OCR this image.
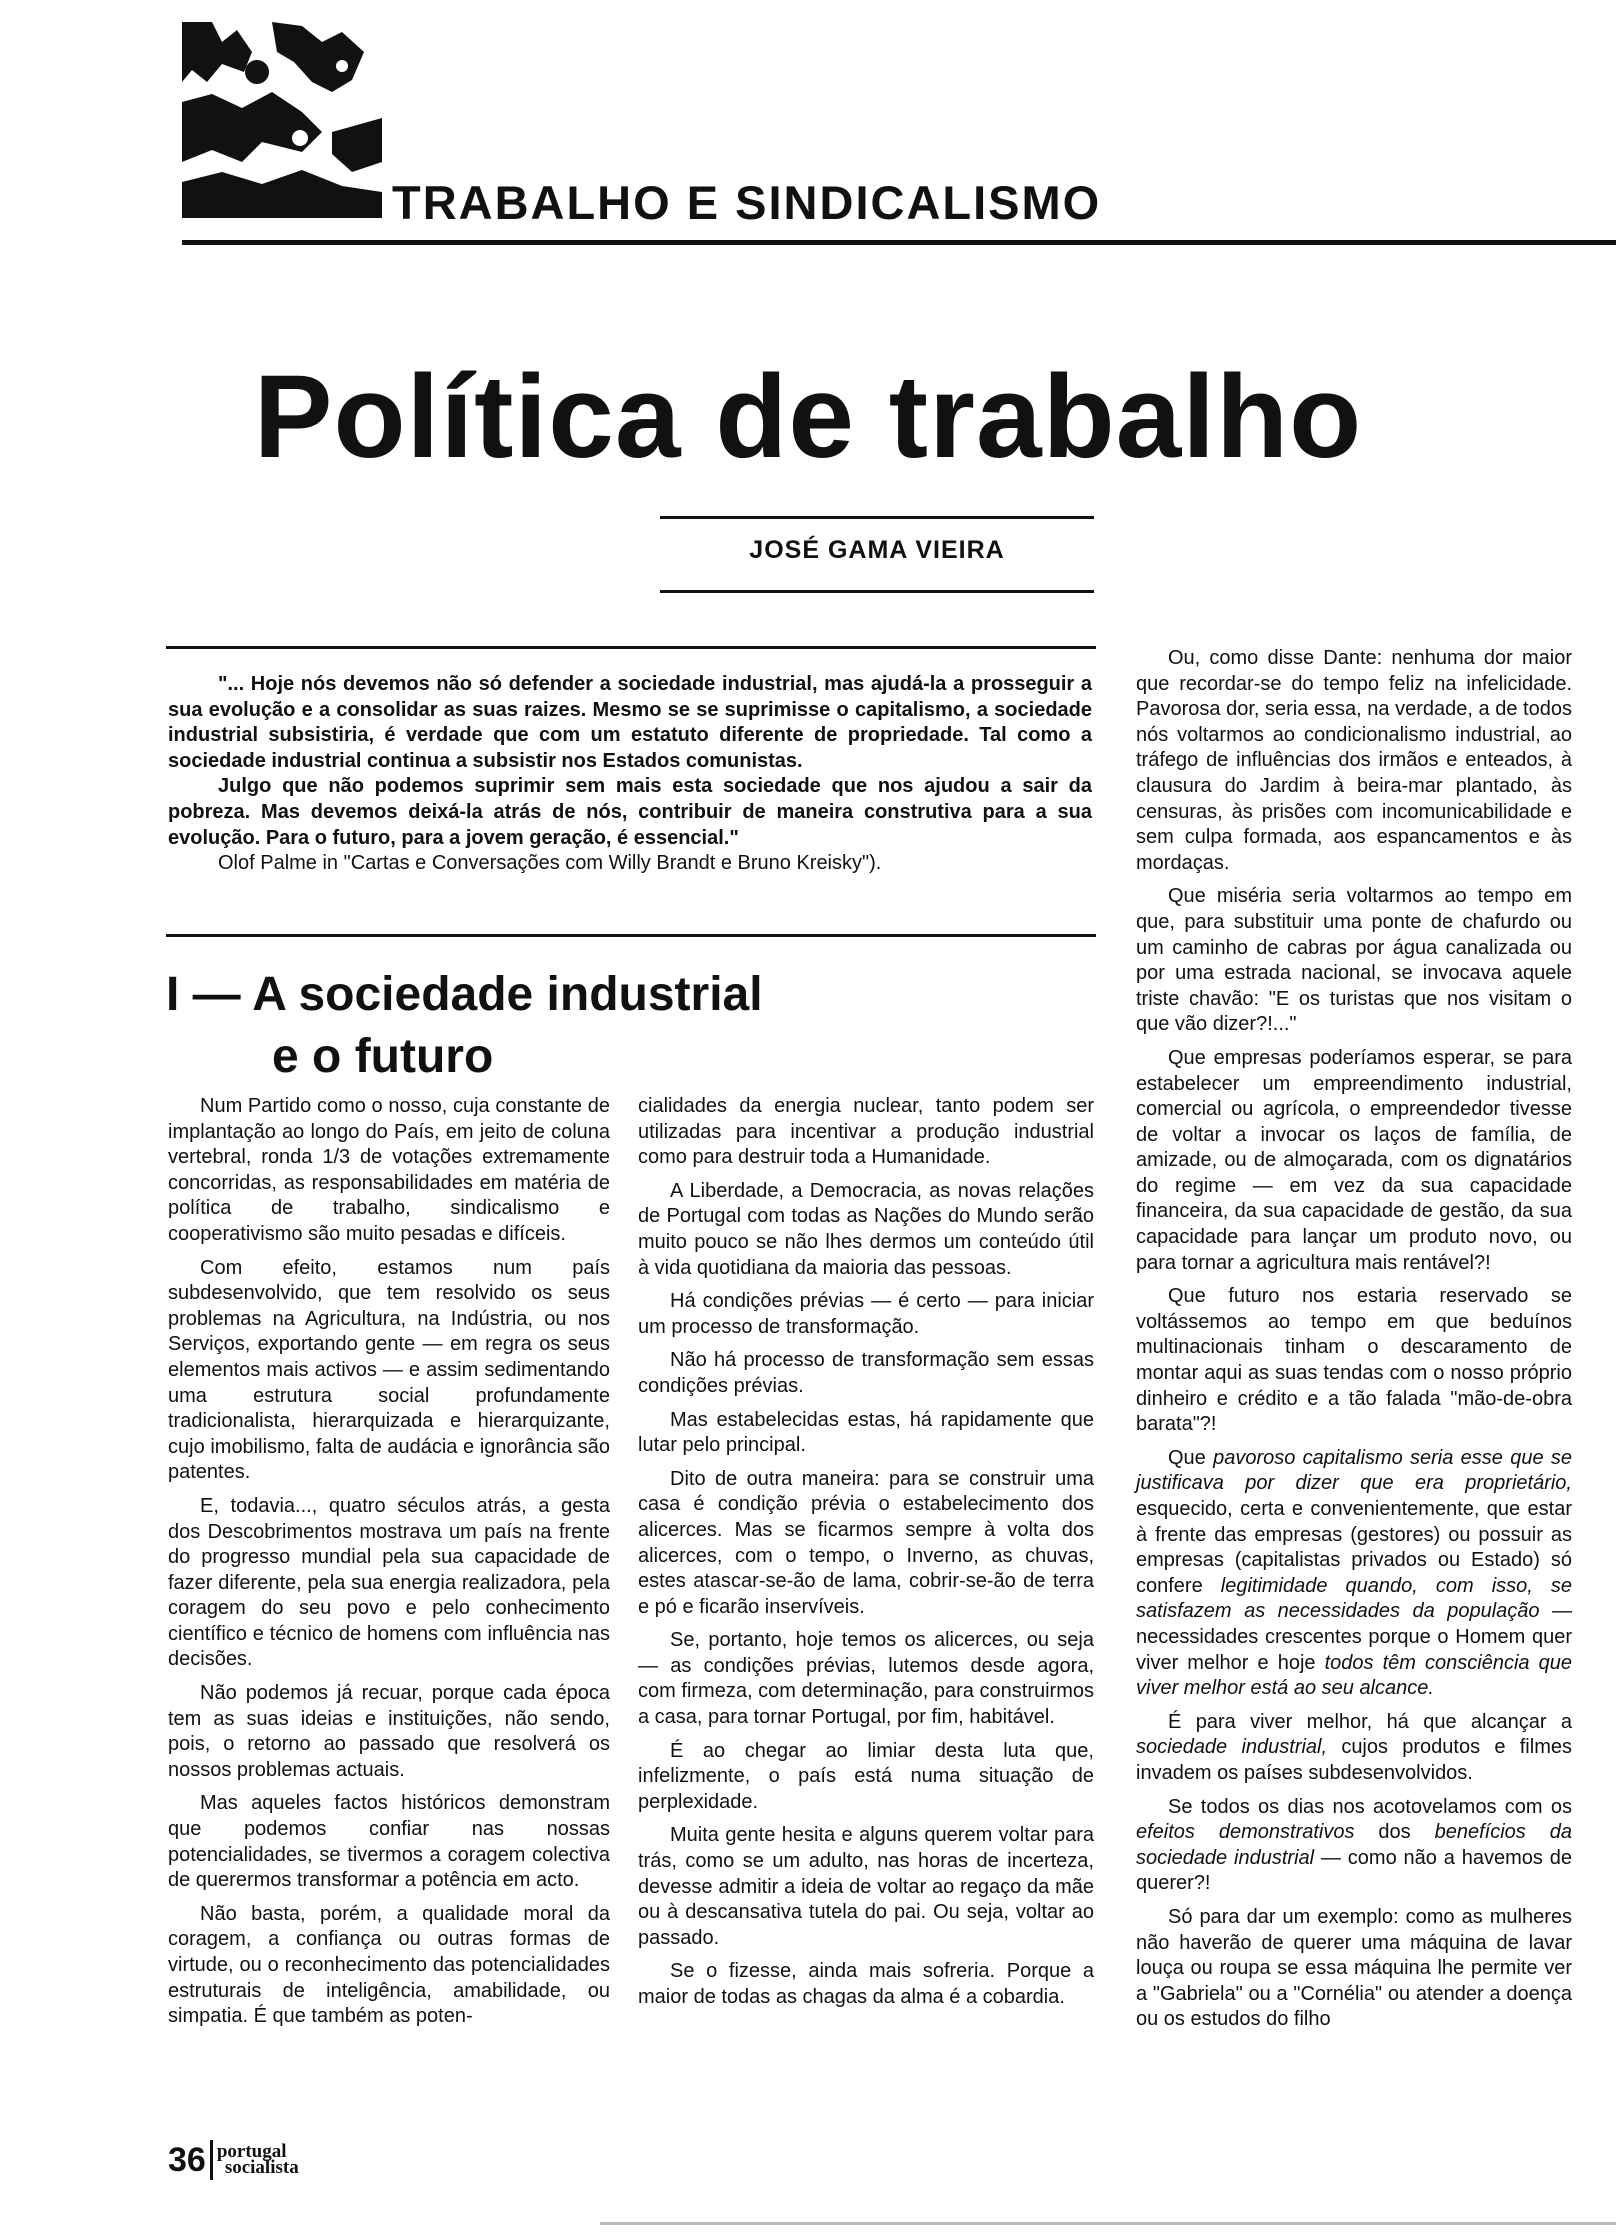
TRABALHO E SINDICALISMO
Política de trabalho
JOSÉ GAMA VIEIRA

"... Hoje nós devemos não só defender a sociedade industrial, mas ajudá-la a prosseguir a sua evolução e a consolidar as suas raizes. Mesmo se se suprimisse o capitalismo, a sociedade industrial subsistiria, é verdade que com um estatuto diferente de propriedade. Tal como a sociedade industrial continua a subsistir nos Estados comunistas.

Julgo que não podemos suprimir sem mais esta sociedade que nos ajudou a sair da pobreza. Mas devemos deixá-la atrás de nós, contribuir de maneira construtiva para a sua evolução. Para o futuro, para a jovem geração, é essencial."

Olof Palme in "Cartas e Conversações com Willy Brandt e Bruno Kreisky").

I — A sociedade industrial
e o futuro

Num Partido como o nosso, cuja constante de implantação ao longo do País, em jeito de coluna vertebral, ronda 1/3 de votações extremamente concorridas, as responsabilidades em matéria de política de trabalho, sindicalismo e cooperativismo são muito pesadas e difíceis.

Com efeito, estamos num país subdesenvolvido, que tem resolvido os seus problemas na Agricultura, na Indústria, ou nos Serviços, exportando gente — em regra os seus elementos mais activos — e assim sedimentando uma estrutura social profundamente tradicionalista, hierarquizada e hierarquizante, cujo imobilismo, falta de audácia e ignorância são patentes.

E, todavia..., quatro séculos atrás, a gesta dos Descobrimentos mostrava um país na frente do progresso mundial pela sua capacidade de fazer diferente, pela sua energia realizadora, pela coragem do seu povo e pelo conhecimento científico e técnico de homens com influência nas decisões.

Não podemos já recuar, porque cada época tem as suas ideias e instituições, não sendo, pois, o retorno ao passado que resolverá os nossos problemas actuais.

Mas aqueles factos históricos demonstram que podemos confiar nas nossas potencialidades, se tivermos a coragem colectiva de querermos transformar a potência em acto.

Não basta, porém, a qualidade moral da coragem, a confiança ou outras formas de virtude, ou o reconhecimento das potencialidades estruturais de inteligência, amabilidade, ou simpatia. É que também as poten-

cialidades da energia nuclear, tanto podem ser utilizadas para incentivar a produção industrial como para destruir toda a Humanidade.

A Liberdade, a Democracia, as novas relações de Portugal com todas as Nações do Mundo serão muito pouco se não lhes dermos um conteúdo útil à vida quotidiana da maioria das pessoas.

Há condições prévias — é certo — para iniciar um processo de transformação.

Não há processo de transformação sem essas condições prévias.

Mas estabelecidas estas, há rapidamente que lutar pelo principal.

Dito de outra maneira: para se construir uma casa é condição prévia o estabelecimento dos alicerces. Mas se ficarmos sempre à volta dos alicerces, com o tempo, o Inverno, as chuvas, estes atascar-se-ão de lama, cobrir-se-ão de terra e pó e ficarão inservíveis.

Se, portanto, hoje temos os alicerces, ou seja — as condições prévias, lutemos desde agora, com firmeza, com determinação, para construirmos a casa, para tornar Portugal, por fim, habitável.

É ao chegar ao limiar desta luta que, infelizmente, o país está numa situação de perplexidade.

Muita gente hesita e alguns querem voltar para trás, como se um adulto, nas horas de incerteza, devesse admitir a ideia de voltar ao regaço da mãe ou à descansativa tutela do pai. Ou seja, voltar ao passado.

Se o fizesse, ainda mais sofreria. Porque a maior de todas as chagas da alma é a cobardia.

Ou, como disse Dante: nenhuma dor maior que recordar-se do tempo feliz na infelicidade. Pavorosa dor, seria essa, na verdade, a de todos nós voltarmos ao condicionalismo industrial, ao tráfego de influências dos irmãos e enteados, à clausura do Jardim à beira-mar plantado, às censuras, às prisões com incomunicabilidade e sem culpa formada, aos espancamentos e às mordaças.

Que miséria seria voltarmos ao tempo em que, para substituir uma ponte de chafurdo ou um caminho de cabras por água canalizada ou por uma estrada nacional, se invocava aquele triste chavão: "E os turistas que nos visitam o que vão dizer?!..."

Que empresas poderíamos esperar, se para estabelecer um empreendimento industrial, comercial ou agrícola, o empreendedor tivesse de voltar a invocar os laços de família, de amizade, ou de almoçarada, com os dignatários do regime — em vez da sua capacidade financeira, da sua capacidade de gestão, da sua capacidade para lançar um produto novo, ou para tornar a agricultura mais rentável?!

Que futuro nos estaria reservado se voltássemos ao tempo em que beduínos multinacionais tinham o descaramento de montar aqui as suas tendas com o nosso próprio dinheiro e crédito e a tão falada "mão-de-obra barata"?!

Que pavoroso capitalismo seria esse que se justificava por dizer que era proprietário, esquecido, certa e convenientemente, que estar à frente das empresas (gestores) ou possuir as empresas (capitalistas privados ou Estado) só confere legitimidade quando, com isso, se satisfazem as necessidades da população — necessidades crescentes porque o Homem quer viver melhor e hoje todos têm consciência que viver melhor está ao seu alcance.

É para viver melhor, há que alcançar a sociedade industrial, cujos produtos e filmes invadem os países subdesenvolvidos.

Se todos os dias nos acotovelamos com os efeitos demonstrativos dos benefícios da sociedade industrial — como não a havemos de querer?!

Só para dar um exemplo: como as mulheres não haverão de querer uma máquina de lavar louça ou roupa se essa máquina lhe permite ver a "Gabriela" ou a "Cornélia" ou atender a doença ou os estudos do filho

36 portugal
socialista
